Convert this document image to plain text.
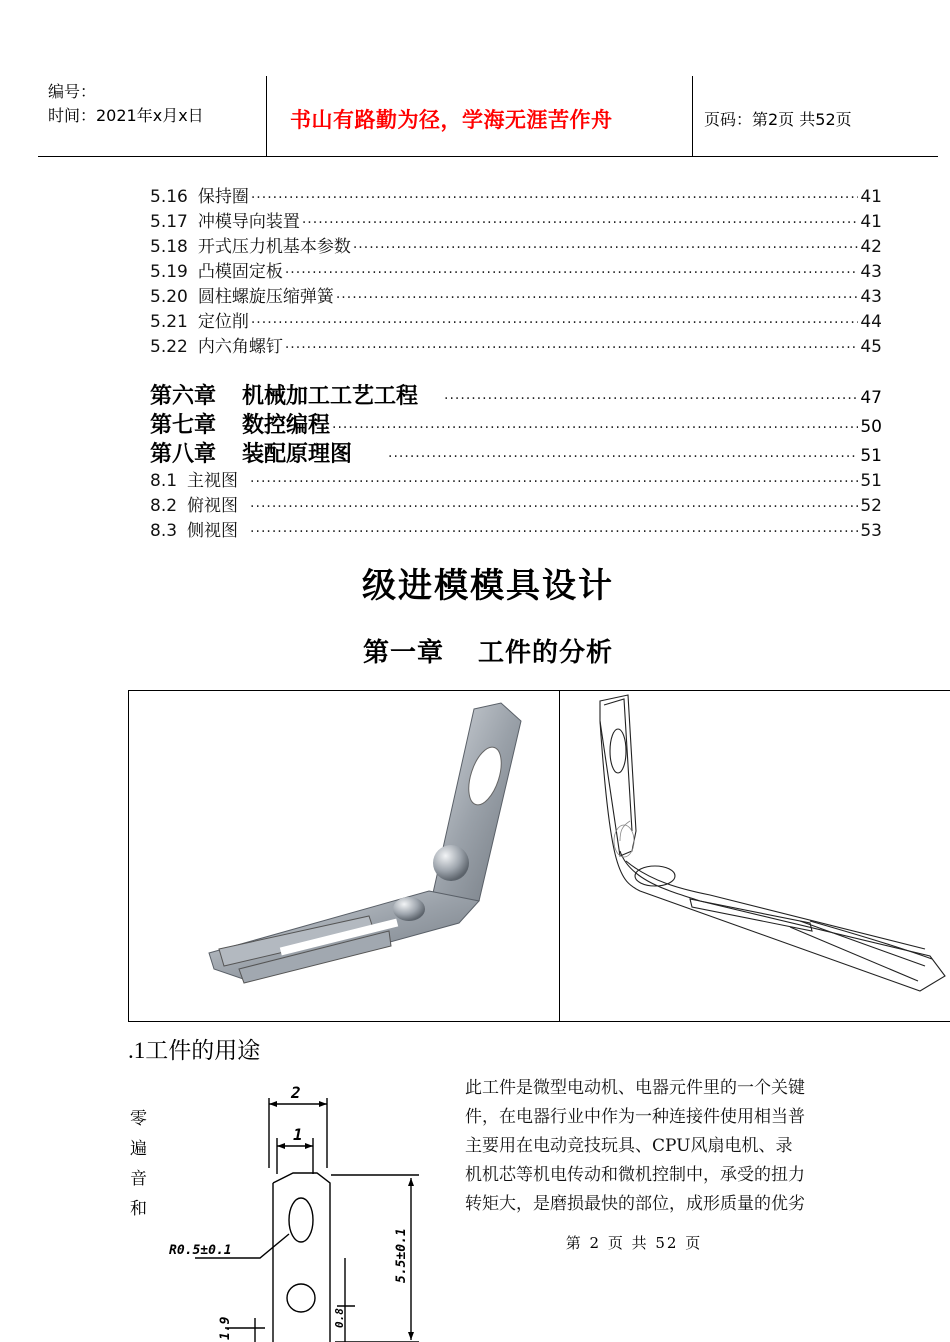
编号：
时间：2021年x月x日	书山有路勤为径，学海无涯苦作舟	页码：第2页 共52页
5.16 保持圈 ·····	41
5.17 冲模导向装置 ·····	41
5.18 开式压力机基本参数 ·····	42
5.19 凸模固定板 ·····	43
5.20 圆柱螺旋压缩弹簧 ·····	43
5.21 定位削 ·····	44
5.22 内六角螺钉 ·····	45
第六章 机械加工工艺工程 ·····	47
第七章 数控编程 ·····	50
第八章 装配原理图 ·····	51
8.1 主视图 ·····	51
8.2 俯视图 ·····	52
8.3 侧视图 ·····	53
级进模模具设计
第一章 工件的分析
.1工件的用途
零
遍
音
和
2
1
R0.5±0.1	5.5±0.1
0.8
1.9
此工件是微型电动机、电器元件里的一个关键
件，在电器行业中作为一种连接件使用相当普
主要用在电动竞技玩具、CPU风扇电机、录
机机芯等机电传动和微机控制中，承受的扭力
转矩大，是磨损最快的部位，成形质量的优劣
第 2 页 共 52 页
